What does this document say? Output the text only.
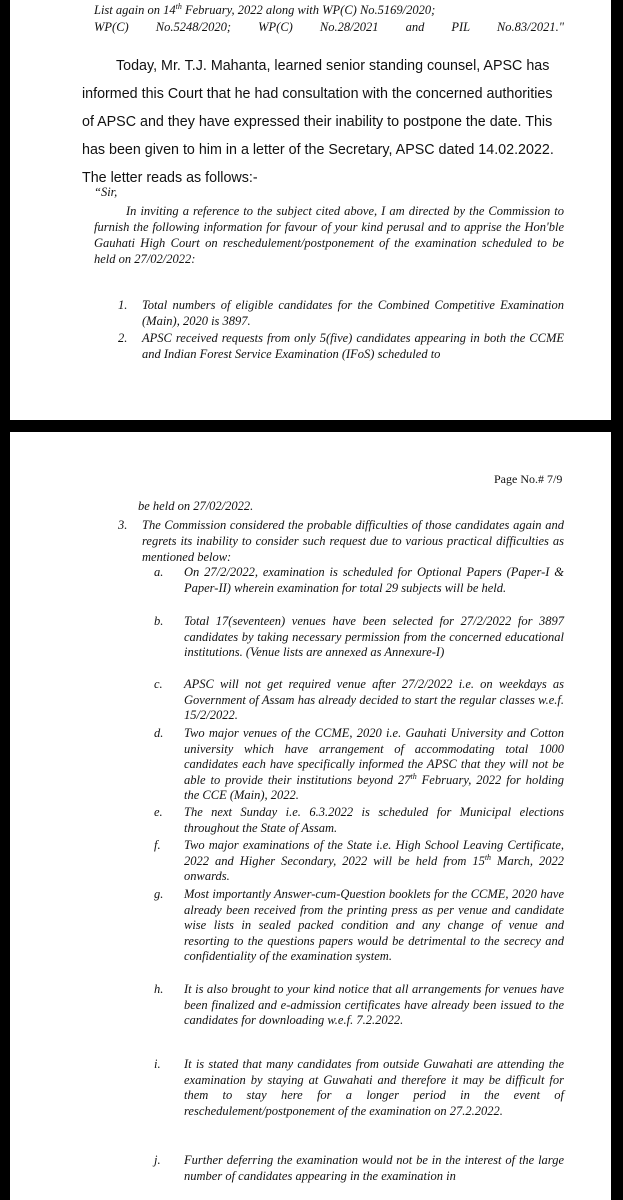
List again on 14th February, 2022 along with WP(C) No.5169/2020;
WP(C) No.5248/2020; WP(C) No.28/2021 and PIL No.83/2021."
Today, Mr. T.J. Mahanta, learned senior standing counsel, APSC has informed this Court that he had consultation with the concerned authorities of APSC and they have expressed their inability to postpone the date. This has been given to him in a letter of the Secretary, APSC dated 14.02.2022. The letter reads as follows:-
“Sir,
In inviting a reference to the subject cited above, I am directed by the Commission to furnish the following information for favour of your kind perusal and to apprise the Hon'ble Gauhati High Court on reschedulement/postponement of the examination scheduled to be held on 27/02/2022:
1. Total numbers of eligible candidates for the Combined Competitive Examination (Main), 2020 is 3897.
2. APSC received requests from only 5(five) candidates appearing in both the CCME and Indian Forest Service Examination (IFoS) scheduled to
Page No.# 7/9
be held on 27/02/2022.
3. The Commission considered the probable difficulties of those candidates again and regrets its inability to consider such request due to various practical difficulties as mentioned below:
a. On 27/2/2022, examination is scheduled for Optional Papers (Paper-I & Paper-II) wherein examination for total 29 subjects will be held.
b. Total 17(seventeen) venues have been selected for 27/2/2022 for 3897 candidates by taking necessary permission from the concerned educational institutions. (Venue lists are annexed as Annexure-I)
c. APSC will not get required venue after 27/2/2022 i.e. on weekdays as Government of Assam has already decided to start the regular classes w.e.f. 15/2/2022.
d. Two major venues of the CCME, 2020 i.e. Gauhati University and Cotton university which have arrangement of accommodating total 1000 candidates each have specifically informed the APSC that they will not be able to provide their institutions beyond 27th February, 2022 for holding the CCE (Main), 2022.
e. The next Sunday i.e. 6.3.2022 is scheduled for Municipal elections throughout the State of Assam.
f. Two major examinations of the State i.e. High School Leaving Certificate, 2022 and Higher Secondary, 2022 will be held from 15th March, 2022 onwards.
g. Most importantly Answer-cum-Question booklets for the CCME, 2020 have already been received from the printing press as per venue and candidate wise lists in sealed packed condition and any change of venue and resorting to the questions papers would be detrimental to the secrecy and confidentiality of the examination system.
h. It is also brought to your kind notice that all arrangements for venues have been finalized and e-admission certificates have already been issued to the candidates for downloading w.e.f. 7.2.2022.
i. It is stated that many candidates from outside Guwahati are attending the examination by staying at Guwahati and therefore it may be difficult for them to stay here for a longer period in the event of reschedulement/postponement of the examination on 27.2.2022.
j. Further deferring the examination would not be in the interest of the large number of candidates appearing in the examination in
